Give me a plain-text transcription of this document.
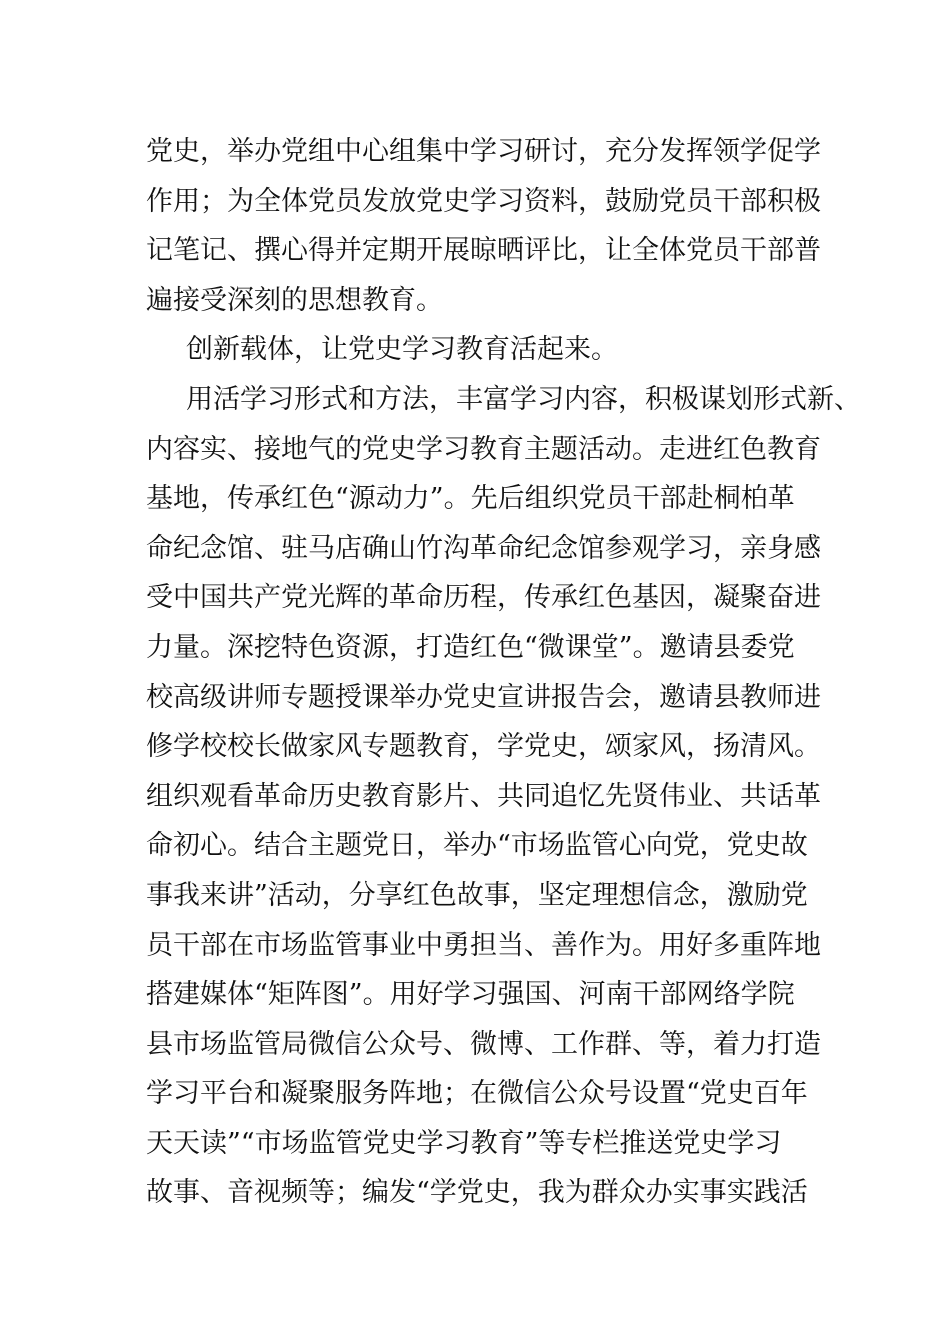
党史，举办党组中心组集中学习研讨，充分发挥领学促学
作用；为全体党员发放党史学习资料，鼓励党员干部积极
记笔记、撰心得并定期开展晾晒评比，让全体党员干部普
遍接受深刻的思想教育。
创新载体，让党史学习教育活起来。
用活学习形式和方法，丰富学习内容，积极谋划形式新、
内容实、接地气的党史学习教育主题活动。走进红色教育
基地，传承红色“源动力”。先后组织党员干部赴桐柏革
命纪念馆、驻马店确山竹沟革命纪念馆参观学习，亲身感
受中国共产党光辉的革命历程，传承红色基因，凝聚奋进
力量。深挖特色资源，打造红色“微课堂”。邀请县委党
校高级讲师专题授课举办党史宣讲报告会，邀请县教师进
修学校校长做家风专题教育，学党史，颂家风，扬清风。
组织观看革命历史教育影片、共同追忆先贤伟业、共话革
命初心。结合主题党日，举办“市场监管心向党，党史故
事我来讲”活动，分享红色故事，坚定理想信念，激励党
员干部在市场监管事业中勇担当、善作为。用好多重阵地
搭建媒体“矩阵图”。用好学习强国、河南干部网络学院
县市场监管局微信公众号、微博、工作群、等，着力打造
学习平台和凝聚服务阵地；在微信公众号设置“党史百年
天天读”“市场监管党史学习教育”等专栏推送党史学习
故事、音视频等；编发“学党史，我为群众办实事实践活
